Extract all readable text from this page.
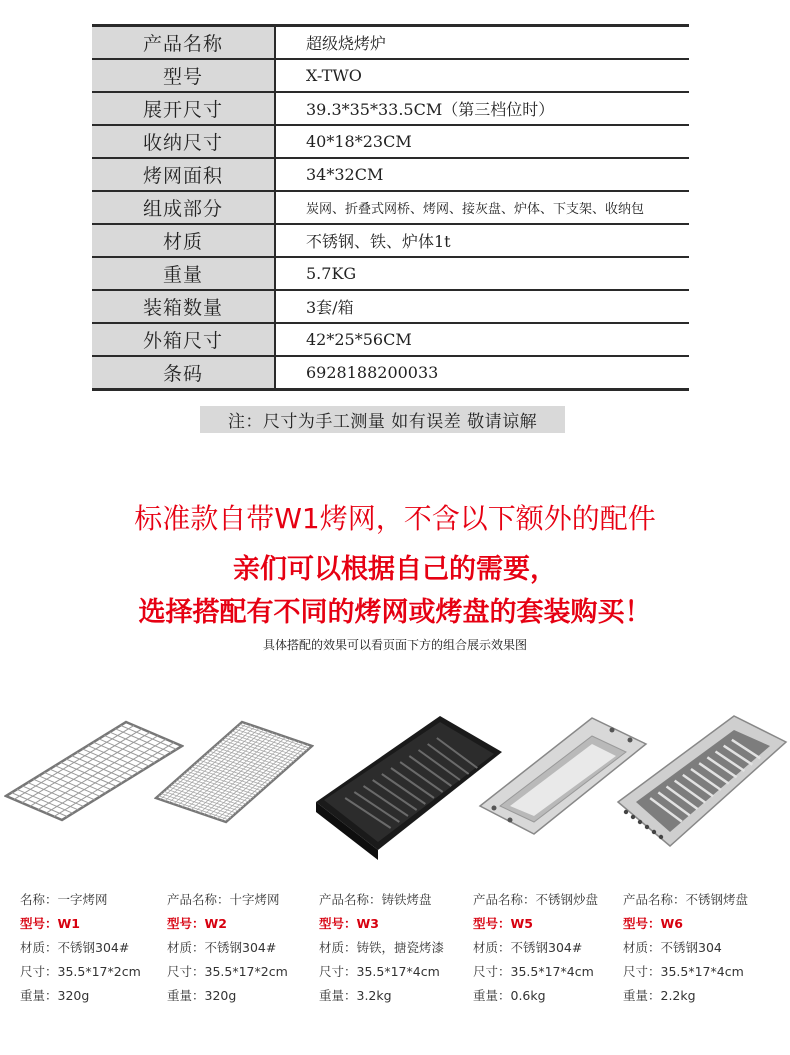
产品名称	超级烧烤炉
型号	X-TWO
展开尺寸	39.3*35*33.5CM（第三档位时）
收纳尺寸	40*18*23CM
烤网面积	34*32CM
组成部分	炭网、折叠式网桥、烤网、接灰盘、炉体、下支架、收纳包
材质	不锈钢、铁、炉体1t
重量	5.7KG
装箱数量	3套/箱
外箱尺寸	42*25*56CM
条码	6928188200033
注：尺寸为手工测量 如有误差 敬请谅解
标准款自带W1烤网，不含以下额外的配件
亲们可以根据自己的需要，
选择搭配有不同的烤网或烤盘的套装购买！
具体搭配的效果可以看页面下方的组合展示效果图
名称：一字烤网
型号：W1
材质：不锈钢304#
尺寸：35.5*17*2cm
重量：320g
产品名称：十字烤网
型号：W2
材质：不锈钢304#
尺寸：35.5*17*2cm
重量：320g
产品名称：铸铁烤盘
型号：W3
材质：铸铁，搪瓷烤漆
尺寸：35.5*17*4cm
重量：3.2kg
产品名称：不锈钢炒盘
型号：W5
材质：不锈钢304#
尺寸：35.5*17*4cm
重量：0.6kg
产品名称：不锈钢烤盘
型号：W6
材质：不锈钢304
尺寸：35.5*17*4cm
重量：2.2kg
